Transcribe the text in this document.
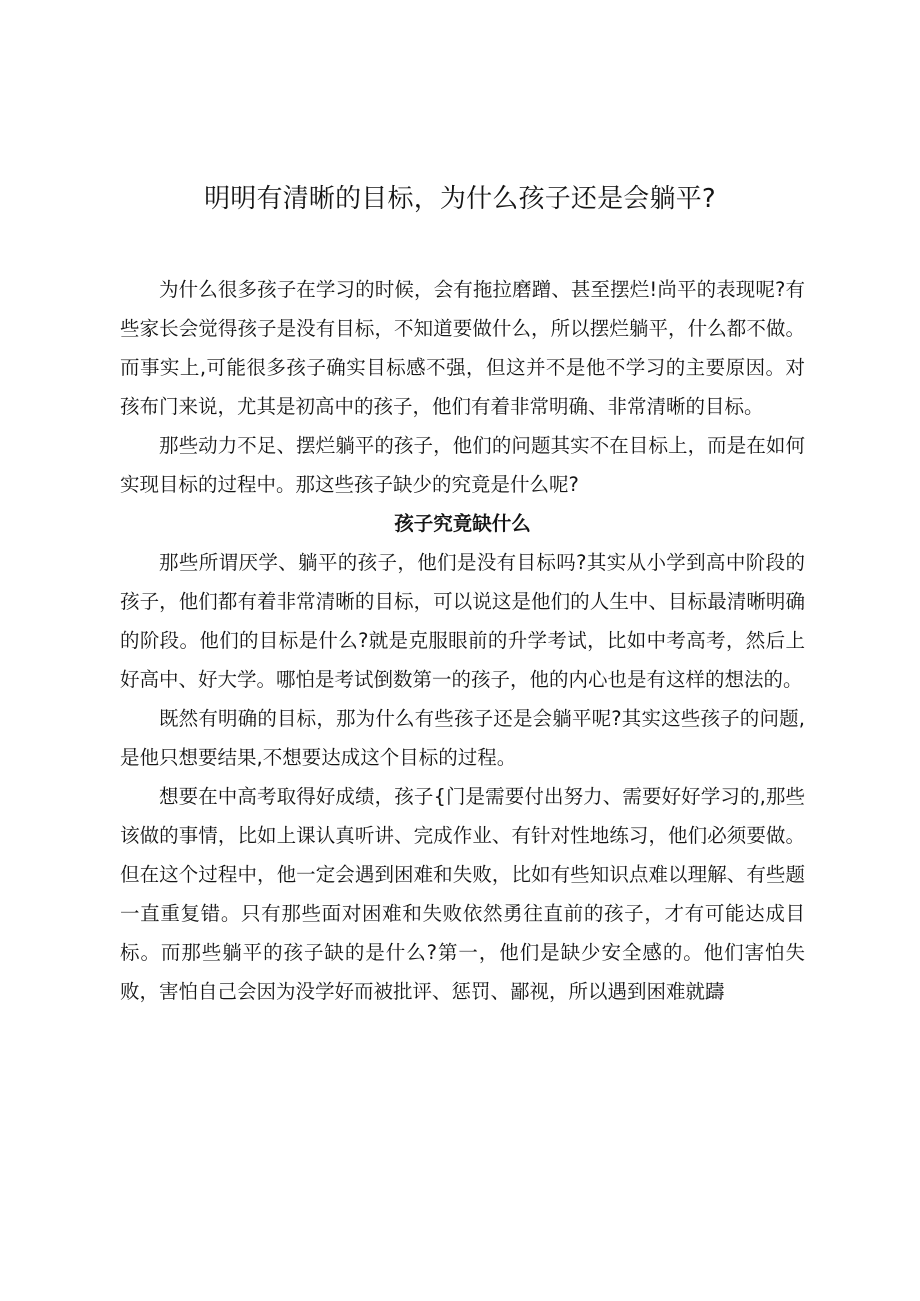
明明有清晰的目标，为什么孩子还是会躺平?

为什么很多孩子在学习的时候，会有拖拉磨蹭、甚至摆烂!尚平的表现呢?有些家长会觉得孩子是没有目标，不知道要做什么，所以摆烂躺平，什么都不做。而事实上,可能很多孩子确实目标感不强，但这并不是他不学习的主要原因。对孩布门来说，尤其是初高中的孩子，他们有着非常明确、非常清晰的目标。

那些动力不足、摆烂躺平的孩子，他们的问题其实不在目标上，而是在如何实现目标的过程中。那这些孩子缺少的究竟是什么呢?

孩子究竟缺什么

那些所谓厌学、躺平的孩子，他们是没有目标吗?其实从小学到高中阶段的孩子，他们都有着非常清晰的目标，可以说这是他们的人生中、目标最清晰明确的阶段。他们的目标是什么?就是克服眼前的升学考试，比如中考高考，然后上好高中、好大学。哪怕是考试倒数第一的孩子，他的内心也是有这样的想法的。

既然有明确的目标，那为什么有些孩子还是会躺平呢?其实这些孩子的问题,是他只想要结果,不想要达成这个目标的过程。

想要在中高考取得好成绩，孩子{门是需要付出努力、需要好好学习的,那些该做的事情，比如上课认真听讲、完成作业、有针对性地练习，他们必须要做。但在这个过程中，他一定会遇到困难和失败，比如有些知识点难以理解、有些题一直重复错。只有那些面对困难和失败依然勇往直前的孩子，才有可能达成目标。而那些躺平的孩子缺的是什么?第一，他们是缺少安全感的。他们害怕失败，害怕自己会因为没学好而被批评、惩罚、鄙视，所以遇到困难就躊
